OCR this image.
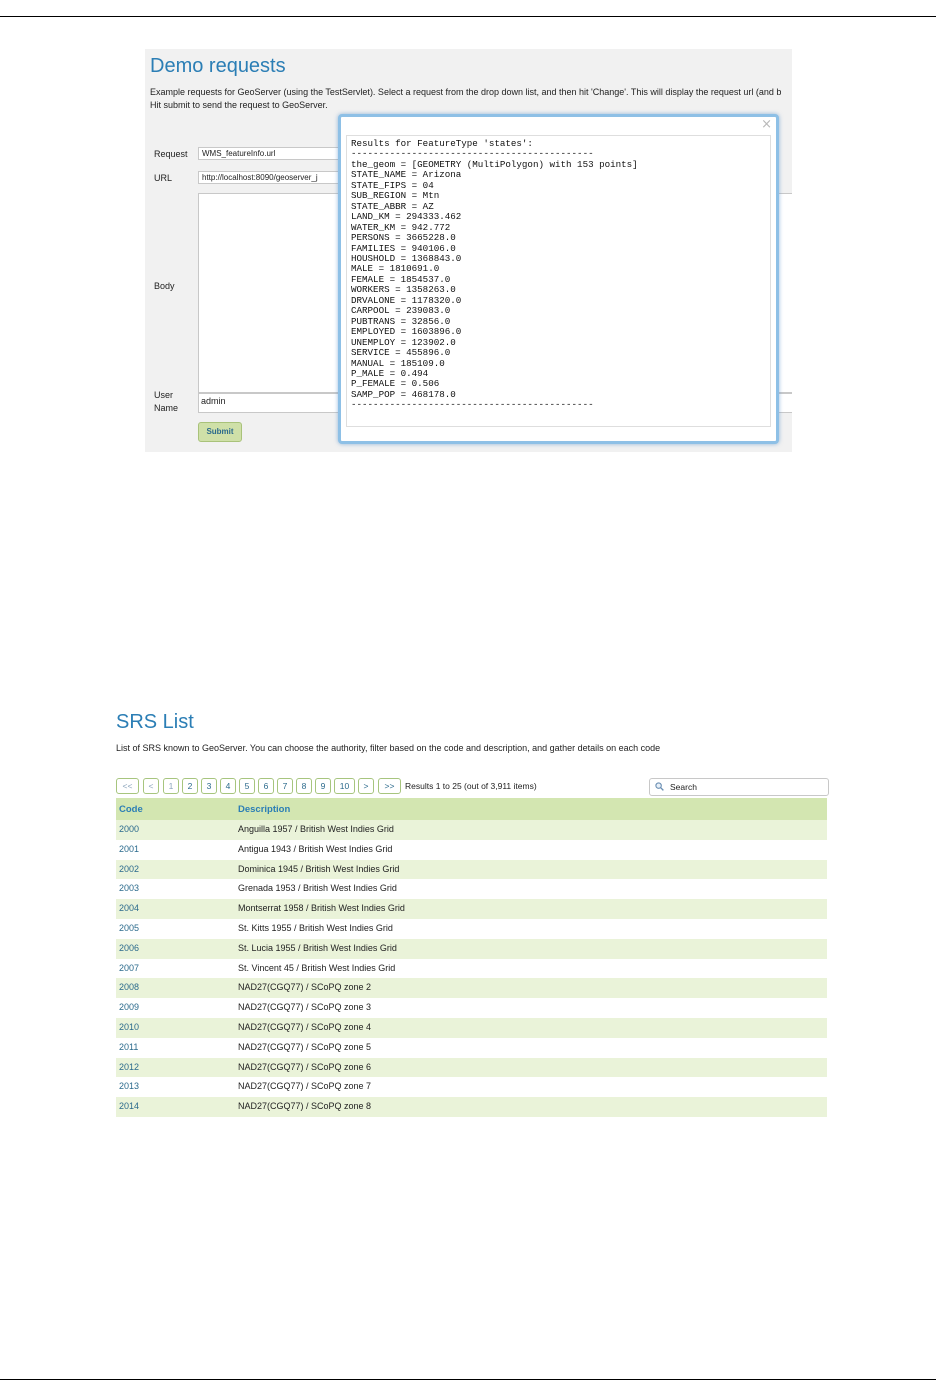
Demo requests
Example requests for GeoServer (using the TestServlet). Select a request from the drop down list, and then hit 'Change'. This will display the request url (and b
Hit submit to send the request to GeoServer.
Request	WMS_featureInfo.url
URL	http://localhost:8090/geoserver_j
Body
User
Name
admin
Submit
×
Results for FeatureType 'states':
--------------------------------------------
the_geom = [GEOMETRY (MultiPolygon) with 153 points]
STATE_NAME = Arizona
STATE_FIPS = 04
SUB_REGION = Mtn
STATE_ABBR = AZ
LAND_KM = 294333.462
WATER_KM = 942.772
PERSONS = 3665228.0
FAMILIES = 940106.0
HOUSHOLD = 1368843.0
MALE = 1810691.0
FEMALE = 1854537.0
WORKERS = 1358263.0
DRVALONE = 1178320.0
CARPOOL = 239083.0
PUBTRANS = 32856.0
EMPLOYED = 1603896.0
UNEMPLOY = 123902.0
SERVICE = 455896.0
MANUAL = 185109.0
P_MALE = 0.494
P_FEMALE = 0.506
SAMP_POP = 468178.0
--------------------------------------------
SRS List
List of SRS known to GeoServer. You can choose the authority, filter based on the code and description, and gather details on each code
<<	<	1	2	3	4	5	6	7	8	9	10	>	>>	Results 1 to 25 (out of 3,911 items)	Search
Code	Description
2000	Anguilla 1957 / British West Indies Grid
2001	Antigua 1943 / British West Indies Grid
2002	Dominica 1945 / British West Indies Grid
2003	Grenada 1953 / British West Indies Grid
2004	Montserrat 1958 / British West Indies Grid
2005	St. Kitts 1955 / British West Indies Grid
2006	St. Lucia 1955 / British West Indies Grid
2007	St. Vincent 45 / British West Indies Grid
2008	NAD27(CGQ77) / SCoPQ zone 2
2009	NAD27(CGQ77) / SCoPQ zone 3
2010	NAD27(CGQ77) / SCoPQ zone 4
2011	NAD27(CGQ77) / SCoPQ zone 5
2012	NAD27(CGQ77) / SCoPQ zone 6
2013	NAD27(CGQ77) / SCoPQ zone 7
2014	NAD27(CGQ77) / SCoPQ zone 8
